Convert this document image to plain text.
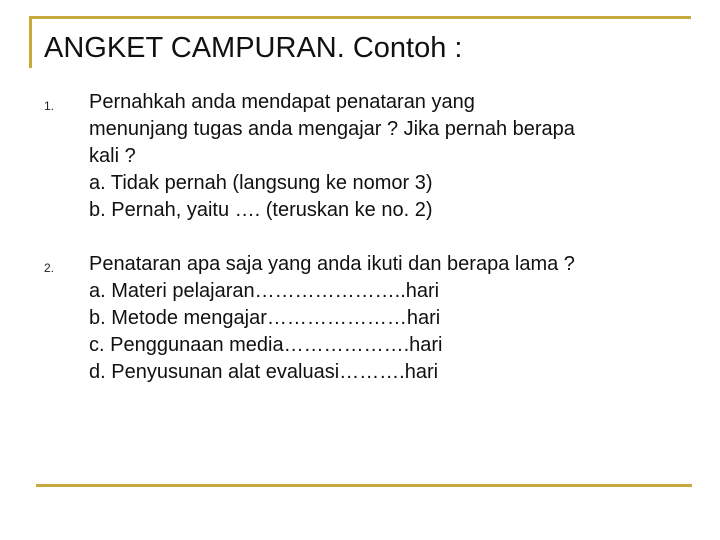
ANGKET CAMPURAN. Contoh :
1. Pernahkah anda mendapat penataran yang
menunjang tugas anda mengajar ? Jika pernah berapa
kali ?
a. Tidak pernah (langsung ke nomor 3)
b. Pernah, yaitu …. (teruskan ke no. 2)
2. Penataran apa saja yang anda ikuti dan berapa lama ?
a. Materi pelajaran…………………..hari
b. Metode mengajar…………………hari
c. Penggunaan media……………….hari
d. Penyusunan alat evaluasi……….hari
